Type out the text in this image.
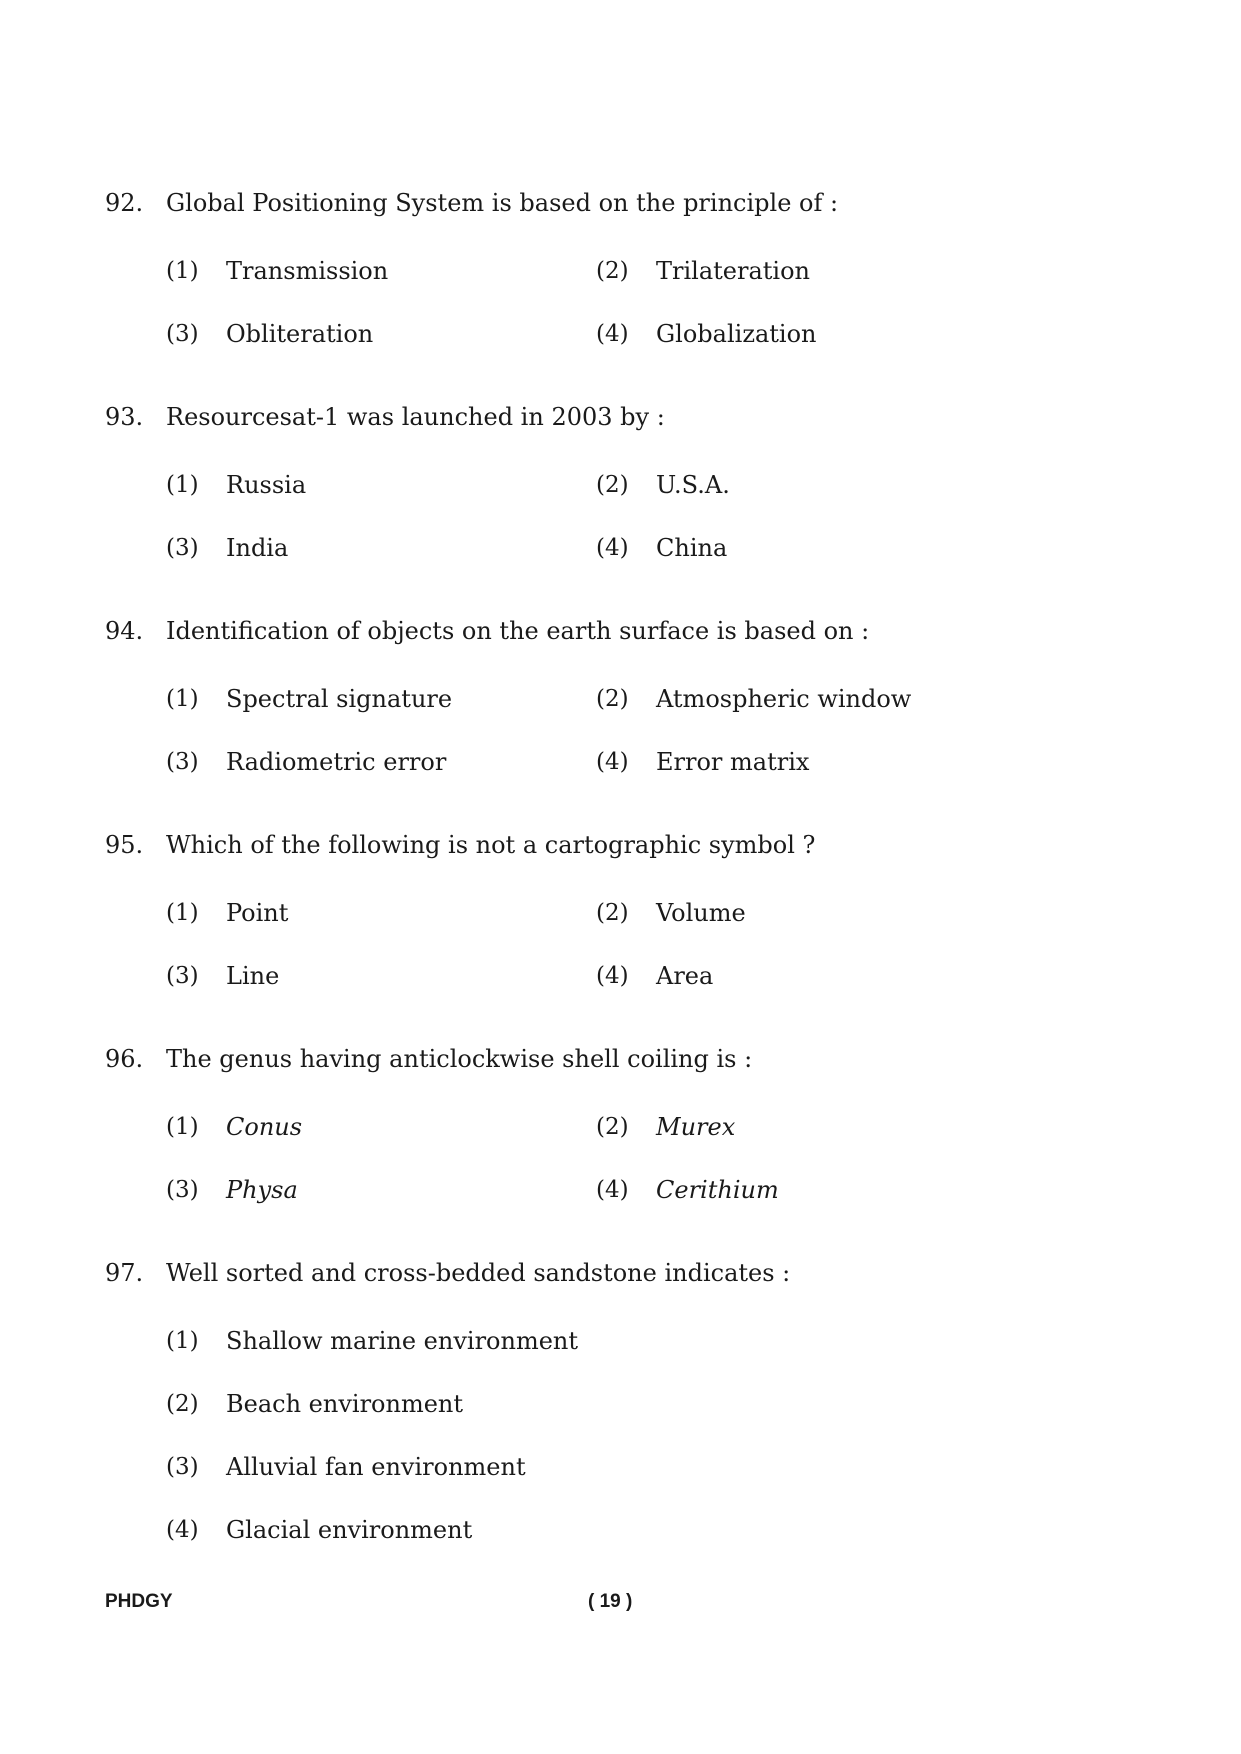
92. Global Positioning System is based on the principle of :
(1) Transmission	(2) Trilateration
(3) Obliteration	(4) Globalization
93. Resourcesat-1 was launched in 2003 by :
(1) Russia	(2) U.S.A.
(3) India	(4) China
94. Identification of objects on the earth surface is based on :
(1) Spectral signature	(2) Atmospheric window
(3) Radiometric error	(4) Error matrix
95. Which of the following is not a cartographic symbol ?
(1) Point	(2) Volume
(3) Line	(4) Area
96. The genus having anticlockwise shell coiling is :
(1) Conus	(2) Murex
(3) Physa	(4) Cerithium
97. Well sorted and cross-bedded sandstone indicates :
(1) Shallow marine environment
(2) Beach environment
(3) Alluvial fan environment
(4) Glacial environment
PHDGY	( 19 )
